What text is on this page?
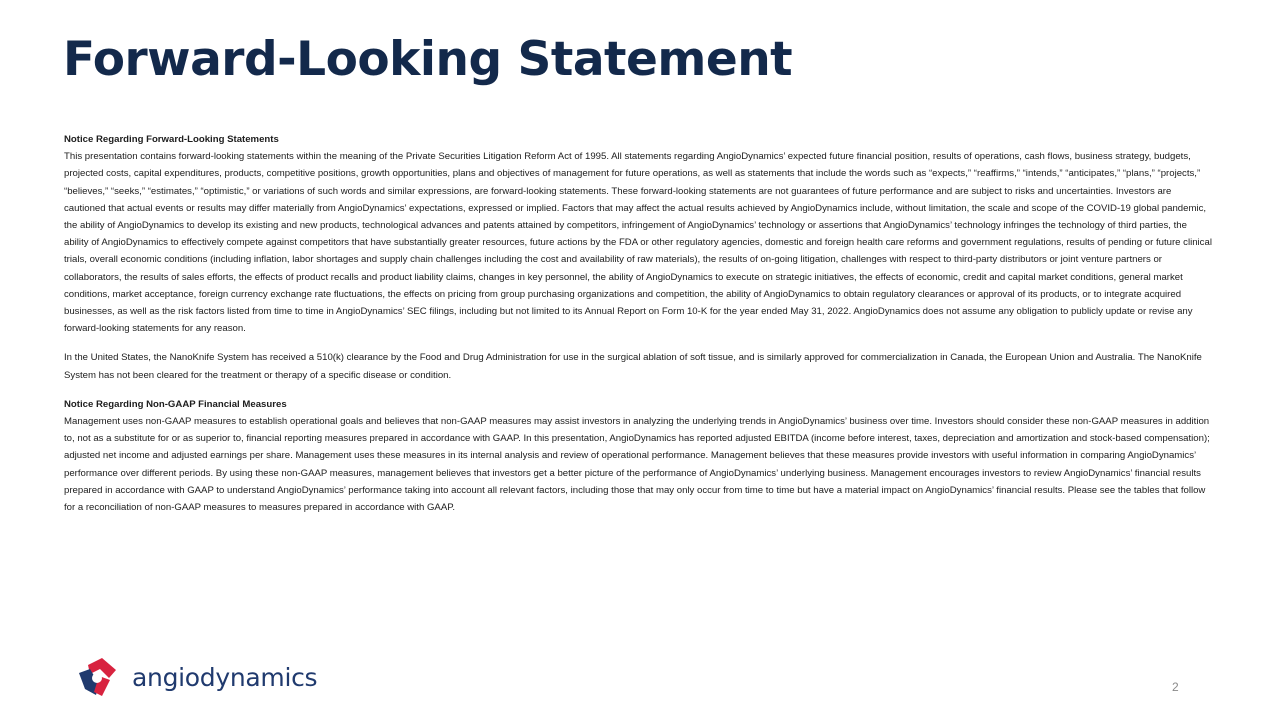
Forward-Looking Statement

Notice Regarding Forward-Looking Statements

This presentation contains forward-looking statements within the meaning of the Private Securities Litigation Reform Act of 1995. All statements regarding AngioDynamics’ expected future financial position, results of operations, cash flows, business strategy, budgets, projected costs, capital expenditures, products, competitive positions, growth opportunities, plans and objectives of management for future operations, as well as statements that include the words such as “expects,” “reaffirms,” “intends,” “anticipates,” “plans,” “projects,” “believes,” “seeks,” “estimates,” “optimistic,” or variations of such words and similar expressions, are forward-looking statements. These forward-looking statements are not guarantees of future performance and are subject to risks and uncertainties. Investors are cautioned that actual events or results may differ materially from AngioDynamics’ expectations, expressed or implied. Factors that may affect the actual results achieved by AngioDynamics include, without limitation, the scale and scope of the COVID-19 global pandemic, the ability of AngioDynamics to develop its existing and new products, technological advances and patents attained by competitors, infringement of AngioDynamics’ technology or assertions that AngioDynamics’ technology infringes the technology of third parties, the ability of AngioDynamics to effectively compete against competitors that have substantially greater resources, future actions by the FDA or other regulatory agencies, domestic and foreign health care reforms and government regulations, results of pending or future clinical trials, overall economic conditions (including inflation, labor shortages and supply chain challenges including the cost and availability of raw materials), the results of on-going litigation, challenges with respect to third-party distributors or joint venture partners or collaborators, the results of sales efforts, the effects of product recalls and product liability claims, changes in key personnel, the ability of AngioDynamics to execute on strategic initiatives, the effects of economic, credit and capital market conditions, general market conditions, market acceptance, foreign currency exchange rate fluctuations, the effects on pricing from group purchasing organizations and competition, the ability of AngioDynamics to obtain regulatory clearances or approval of its products, or to integrate acquired businesses, as well as the risk factors listed from time to time in AngioDynamics’ SEC filings, including but not limited to its Annual Report on Form 10-K for the year ended May 31, 2022. AngioDynamics does not assume any obligation to publicly update or revise any forward-looking statements for any reason.

In the United States, the NanoKnife System has received a 510(k) clearance by the Food and Drug Administration for use in the surgical ablation of soft tissue, and is similarly approved for commercialization in Canada, the European Union and Australia. The NanoKnife System has not been cleared for the treatment or therapy of a specific disease or condition.

Notice Regarding Non-GAAP Financial Measures

Management uses non-GAAP measures to establish operational goals and believes that non-GAAP measures may assist investors in analyzing the underlying trends in AngioDynamics’ business over time. Investors should consider these non-GAAP measures in addition to, not as a substitute for or as superior to, financial reporting measures prepared in accordance with GAAP. In this presentation, AngioDynamics has reported adjusted EBITDA (income before interest, taxes, depreciation and amortization and stock-based compensation); adjusted net income and adjusted earnings per share. Management uses these measures in its internal analysis and review of operational performance. Management believes that these measures provide investors with useful information in comparing AngioDynamics’ performance over different periods. By using these non-GAAP measures, management believes that investors get a better picture of the performance of AngioDynamics’ underlying business. Management encourages investors to review AngioDynamics’ financial results prepared in accordance with GAAP to understand AngioDynamics’ performance taking into account all relevant factors, including those that may only occur from time to time but have a material impact on AngioDynamics’ financial results. Please see the tables that follow for a reconciliation of non-GAAP measures to measures prepared in accordance with GAAP.

angiodynamics	2
